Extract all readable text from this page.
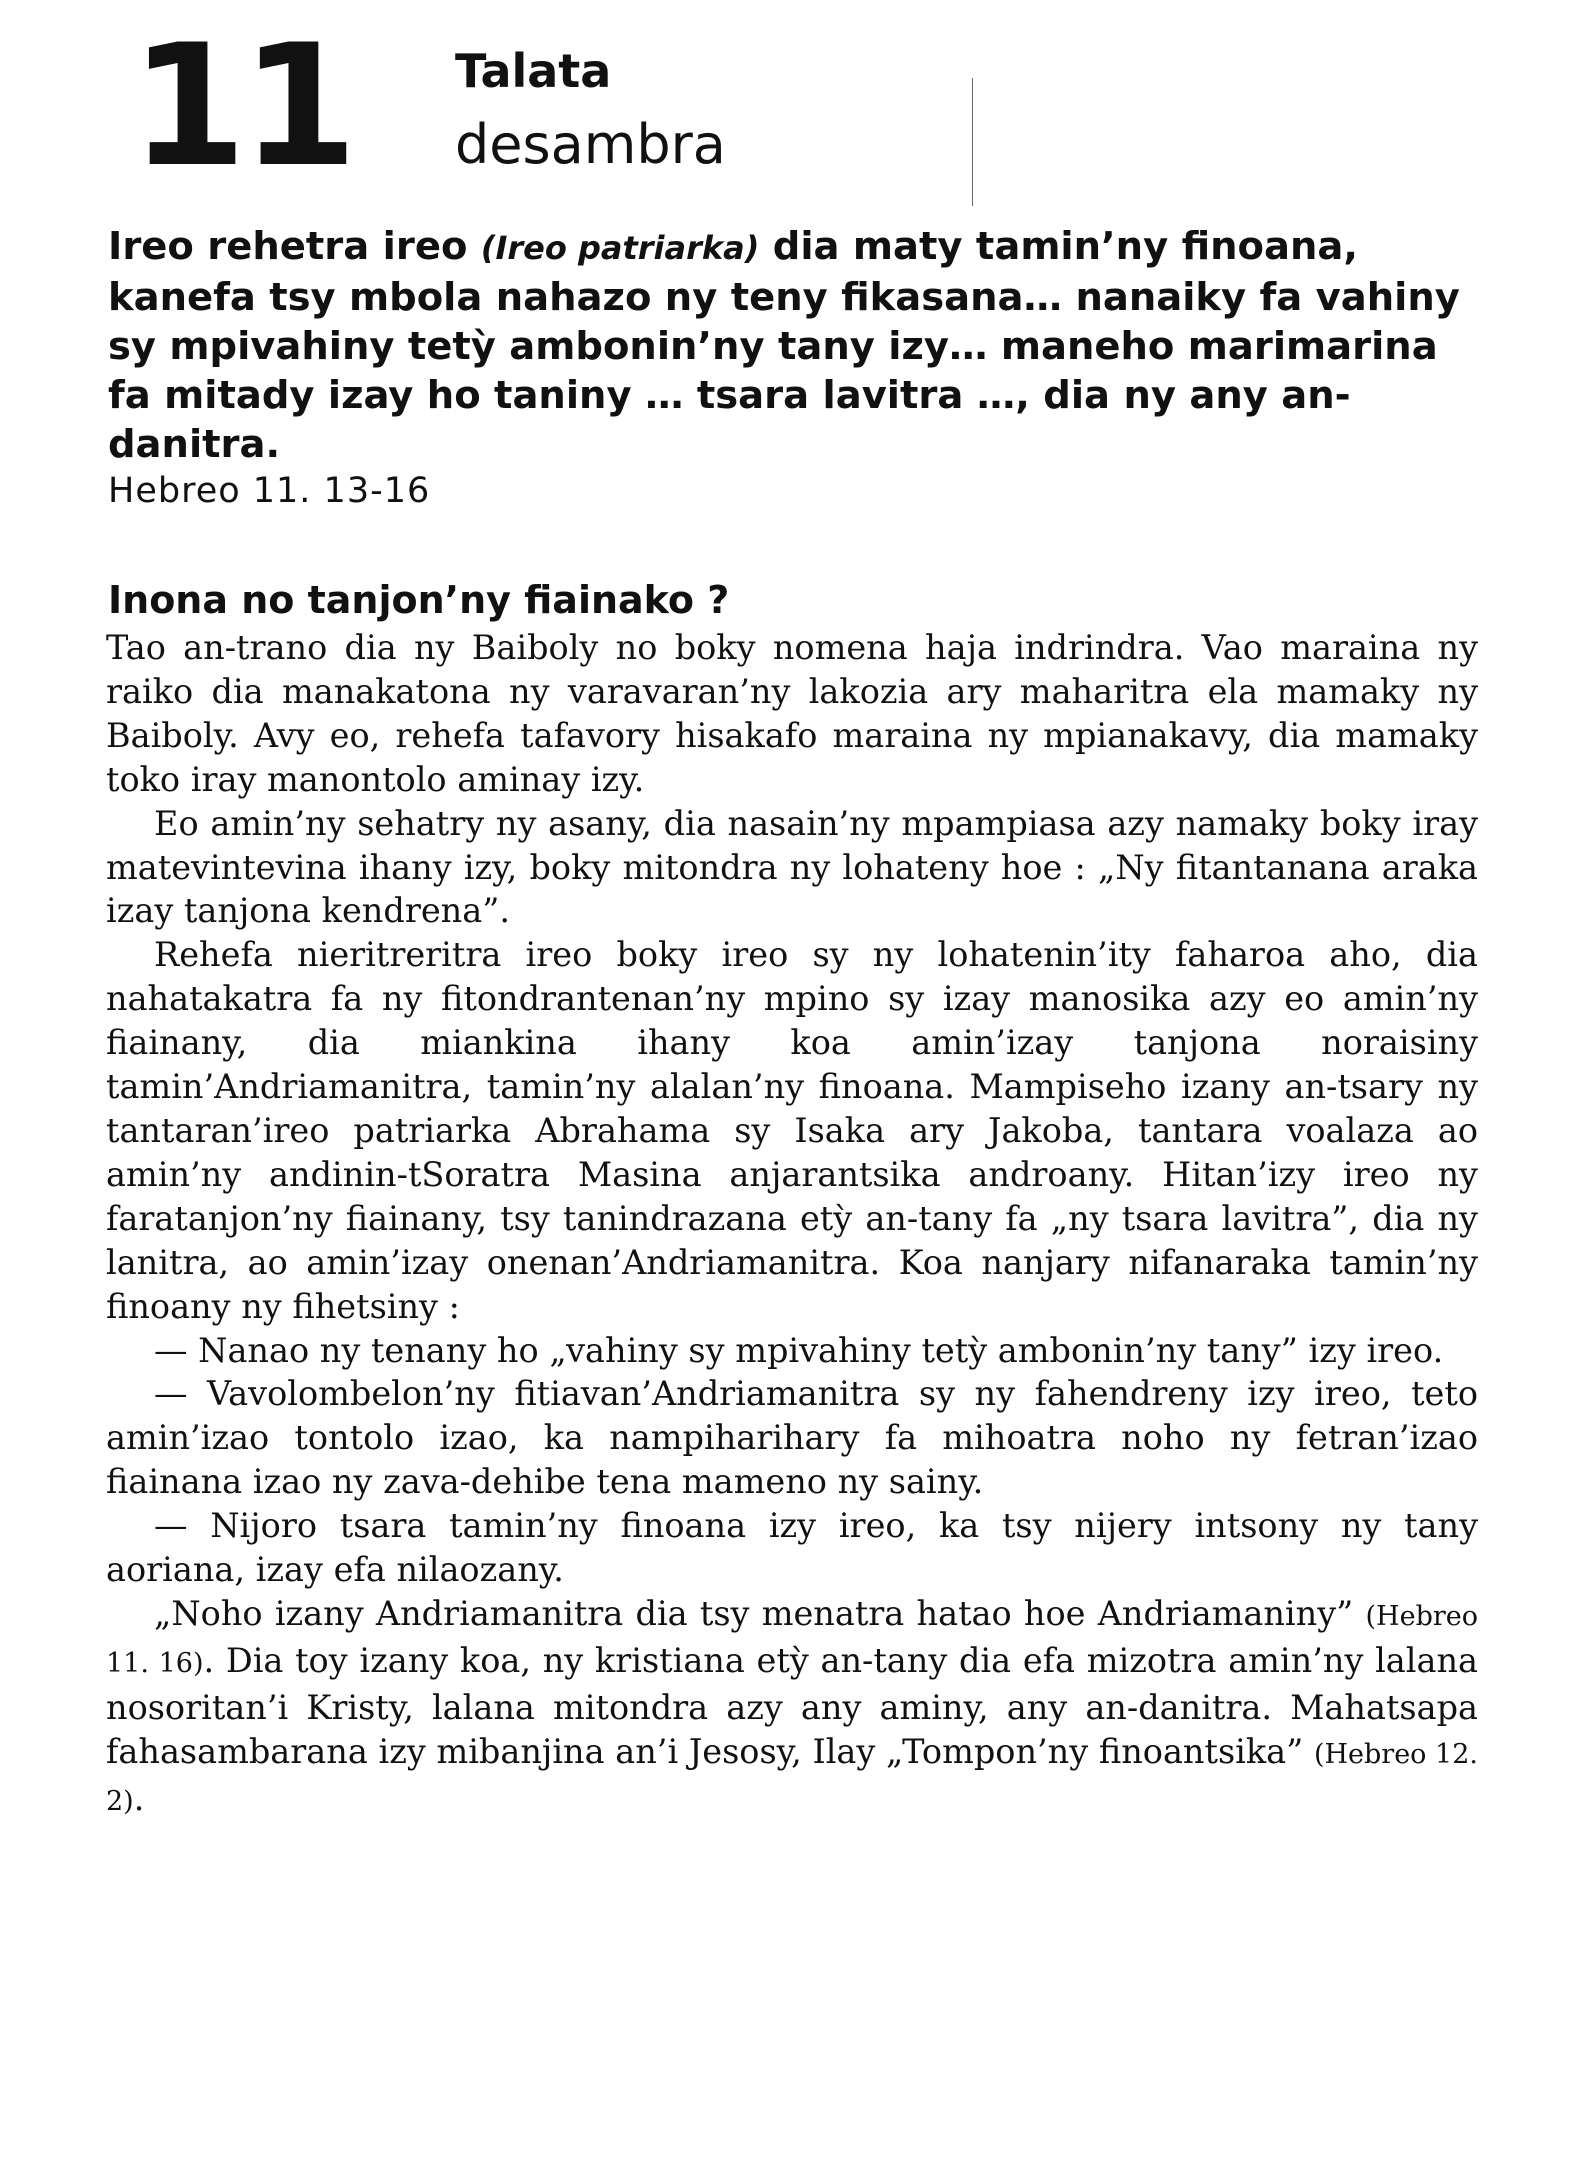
11 Talata
desambra

Ireo rehetra ireo (Ireo patriarka) dia maty tamin’ny finoana, kanefa tsy mbola nahazo ny teny fikasana… nanaiky fa vahiny sy mpivahiny tetỳ ambonin’ny tany izy… maneho marimarina fa mitady izay ho taniny … tsara lavitra …, dia ny any an-danitra.

Hebreo 11. 13-16

Inona no tanjon’ny fiainako ?

Tao an-trano dia ny Baiboly no boky nomena haja indrindra. Vao maraina ny raiko dia manakatona ny varavaran’ny lakozia ary maharitra ela mamaky ny Baiboly. Avy eo, rehefa tafavory hisakafo maraina ny mpianakavy, dia mamaky toko iray manontolo aminay izy.

Eo amin’ny sehatry ny asany, dia nasain’ny mpampiasa azy namaky boky iray matevintevina ihany izy, boky mitondra ny lohateny hoe : „Ny fitantanana araka izay tanjona kendrena”.

Rehefa nieritreritra ireo boky ireo sy ny lohatenin’ity faharoa aho, dia nahatakatra fa ny fitondrantenan’ny mpino sy izay manosika azy eo amin’ny fiainany, dia miankina ihany koa amin’izay tanjona noraisiny tamin’Andriamanitra, tamin’ny alalan’ny finoana. Mampiseho izany an-tsary ny tantaran’ireo patriarka Abrahama sy Isaka ary Jakoba, tantara voalaza ao amin’ny andinin-tSoratra Masina anjarantsika androany. Hitan’izy ireo ny faratanjon’ny fiainany, tsy tanindrazana etỳ an-tany fa „ny tsara lavitra”, dia ny lanitra, ao amin’izay onenan’Andriamanitra. Koa nanjary nifanaraka tamin’ny finoany ny fihetsiny :

— Nanao ny tenany ho „vahiny sy mpivahiny tetỳ ambonin’ny tany” izy ireo.

— Vavolombelon’ny fitiavan’Andriamanitra sy ny fahendreny izy ireo, teto amin’izao tontolo izao, ka nampiharihary fa mihoatra noho ny fetran’izao fiainana izao ny zava-dehibe tena mameno ny sainy.

— Nijoro tsara tamin’ny finoana izy ireo, ka tsy nijery intsony ny tany aoriana, izay efa nilaozany.

„Noho izany Andriamanitra dia tsy menatra hatao hoe Andriamaniny” (Hebreo 11. 16). Dia toy izany koa, ny kristiana etỳ an-tany dia efa mizotra amin’ny lalana nosoritan’i Kristy, lalana mitondra azy any aminy, any an-danitra. Mahatsapa fahasambarana izy mibanjina an’i Jesosy, Ilay „Tompon’ny finoantsika” (Hebreo 12. 2).
